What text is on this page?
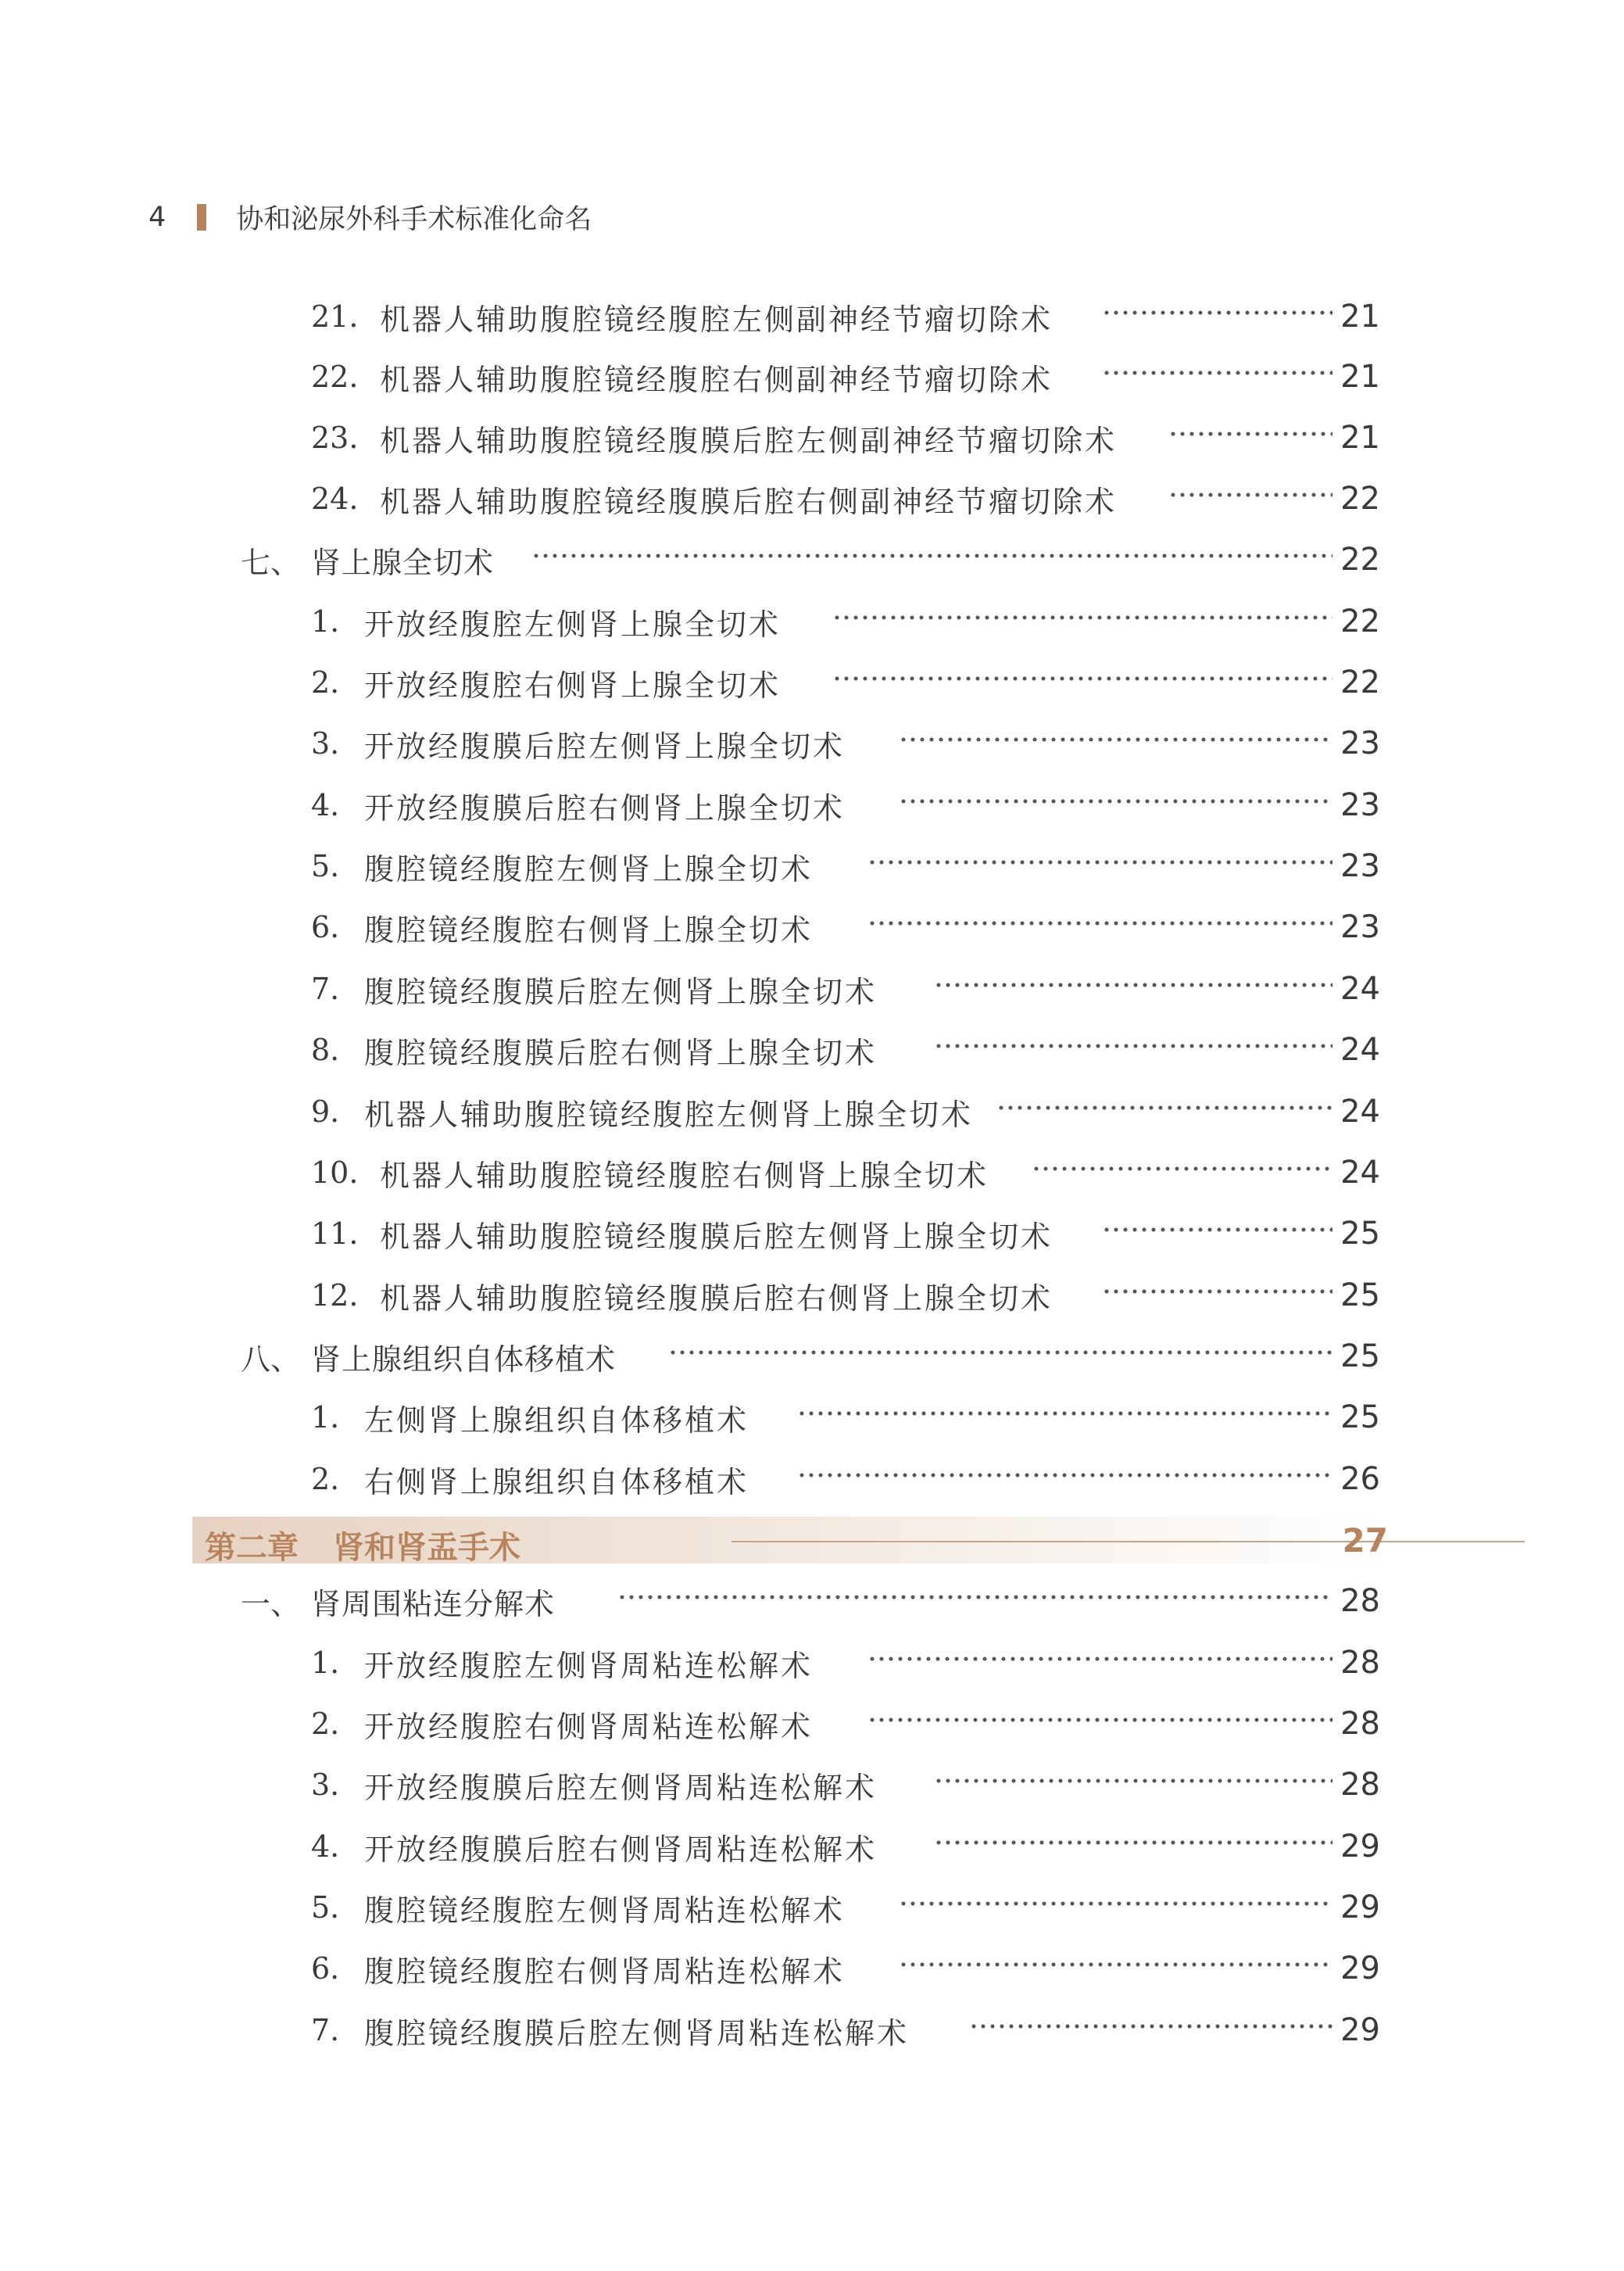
4	协和泌尿外科手术标准化命名
21. 机器人辅助腹腔镜经腹腔左侧副神经节瘤切除术	21
22. 机器人辅助腹腔镜经腹腔右侧副神经节瘤切除术	21
23. 机器人辅助腹腔镜经腹膜后腔左侧副神经节瘤切除术	21
24. 机器人辅助腹腔镜经腹膜后腔右侧副神经节瘤切除术	22
七、 肾上腺全切术	22
1. 开放经腹腔左侧肾上腺全切术	22
2. 开放经腹腔右侧肾上腺全切术	22
3. 开放经腹膜后腔左侧肾上腺全切术	23
4. 开放经腹膜后腔右侧肾上腺全切术	23
5. 腹腔镜经腹腔左侧肾上腺全切术	23
6. 腹腔镜经腹腔右侧肾上腺全切术	23
7. 腹腔镜经腹膜后腔左侧肾上腺全切术	24
8. 腹腔镜经腹膜后腔右侧肾上腺全切术	24
9. 机器人辅助腹腔镜经腹腔左侧肾上腺全切术	24
10. 机器人辅助腹腔镜经腹腔右侧肾上腺全切术	24
11. 机器人辅助腹腔镜经腹膜后腔左侧肾上腺全切术	25
12. 机器人辅助腹腔镜经腹膜后腔右侧肾上腺全切术	25
八、 肾上腺组织自体移植术	25
1. 左侧肾上腺组织自体移植术	25
2. 右侧肾上腺组织自体移植术	26
第二章 肾和肾盂手术	27
一、 肾周围粘连分解术	28
1. 开放经腹腔左侧肾周粘连松解术	28
2. 开放经腹腔右侧肾周粘连松解术	28
3. 开放经腹膜后腔左侧肾周粘连松解术	28
4. 开放经腹膜后腔右侧肾周粘连松解术	29
5. 腹腔镜经腹腔左侧肾周粘连松解术	29
6. 腹腔镜经腹腔右侧肾周粘连松解术	29
7. 腹腔镜经腹膜后腔左侧肾周粘连松解术	29
